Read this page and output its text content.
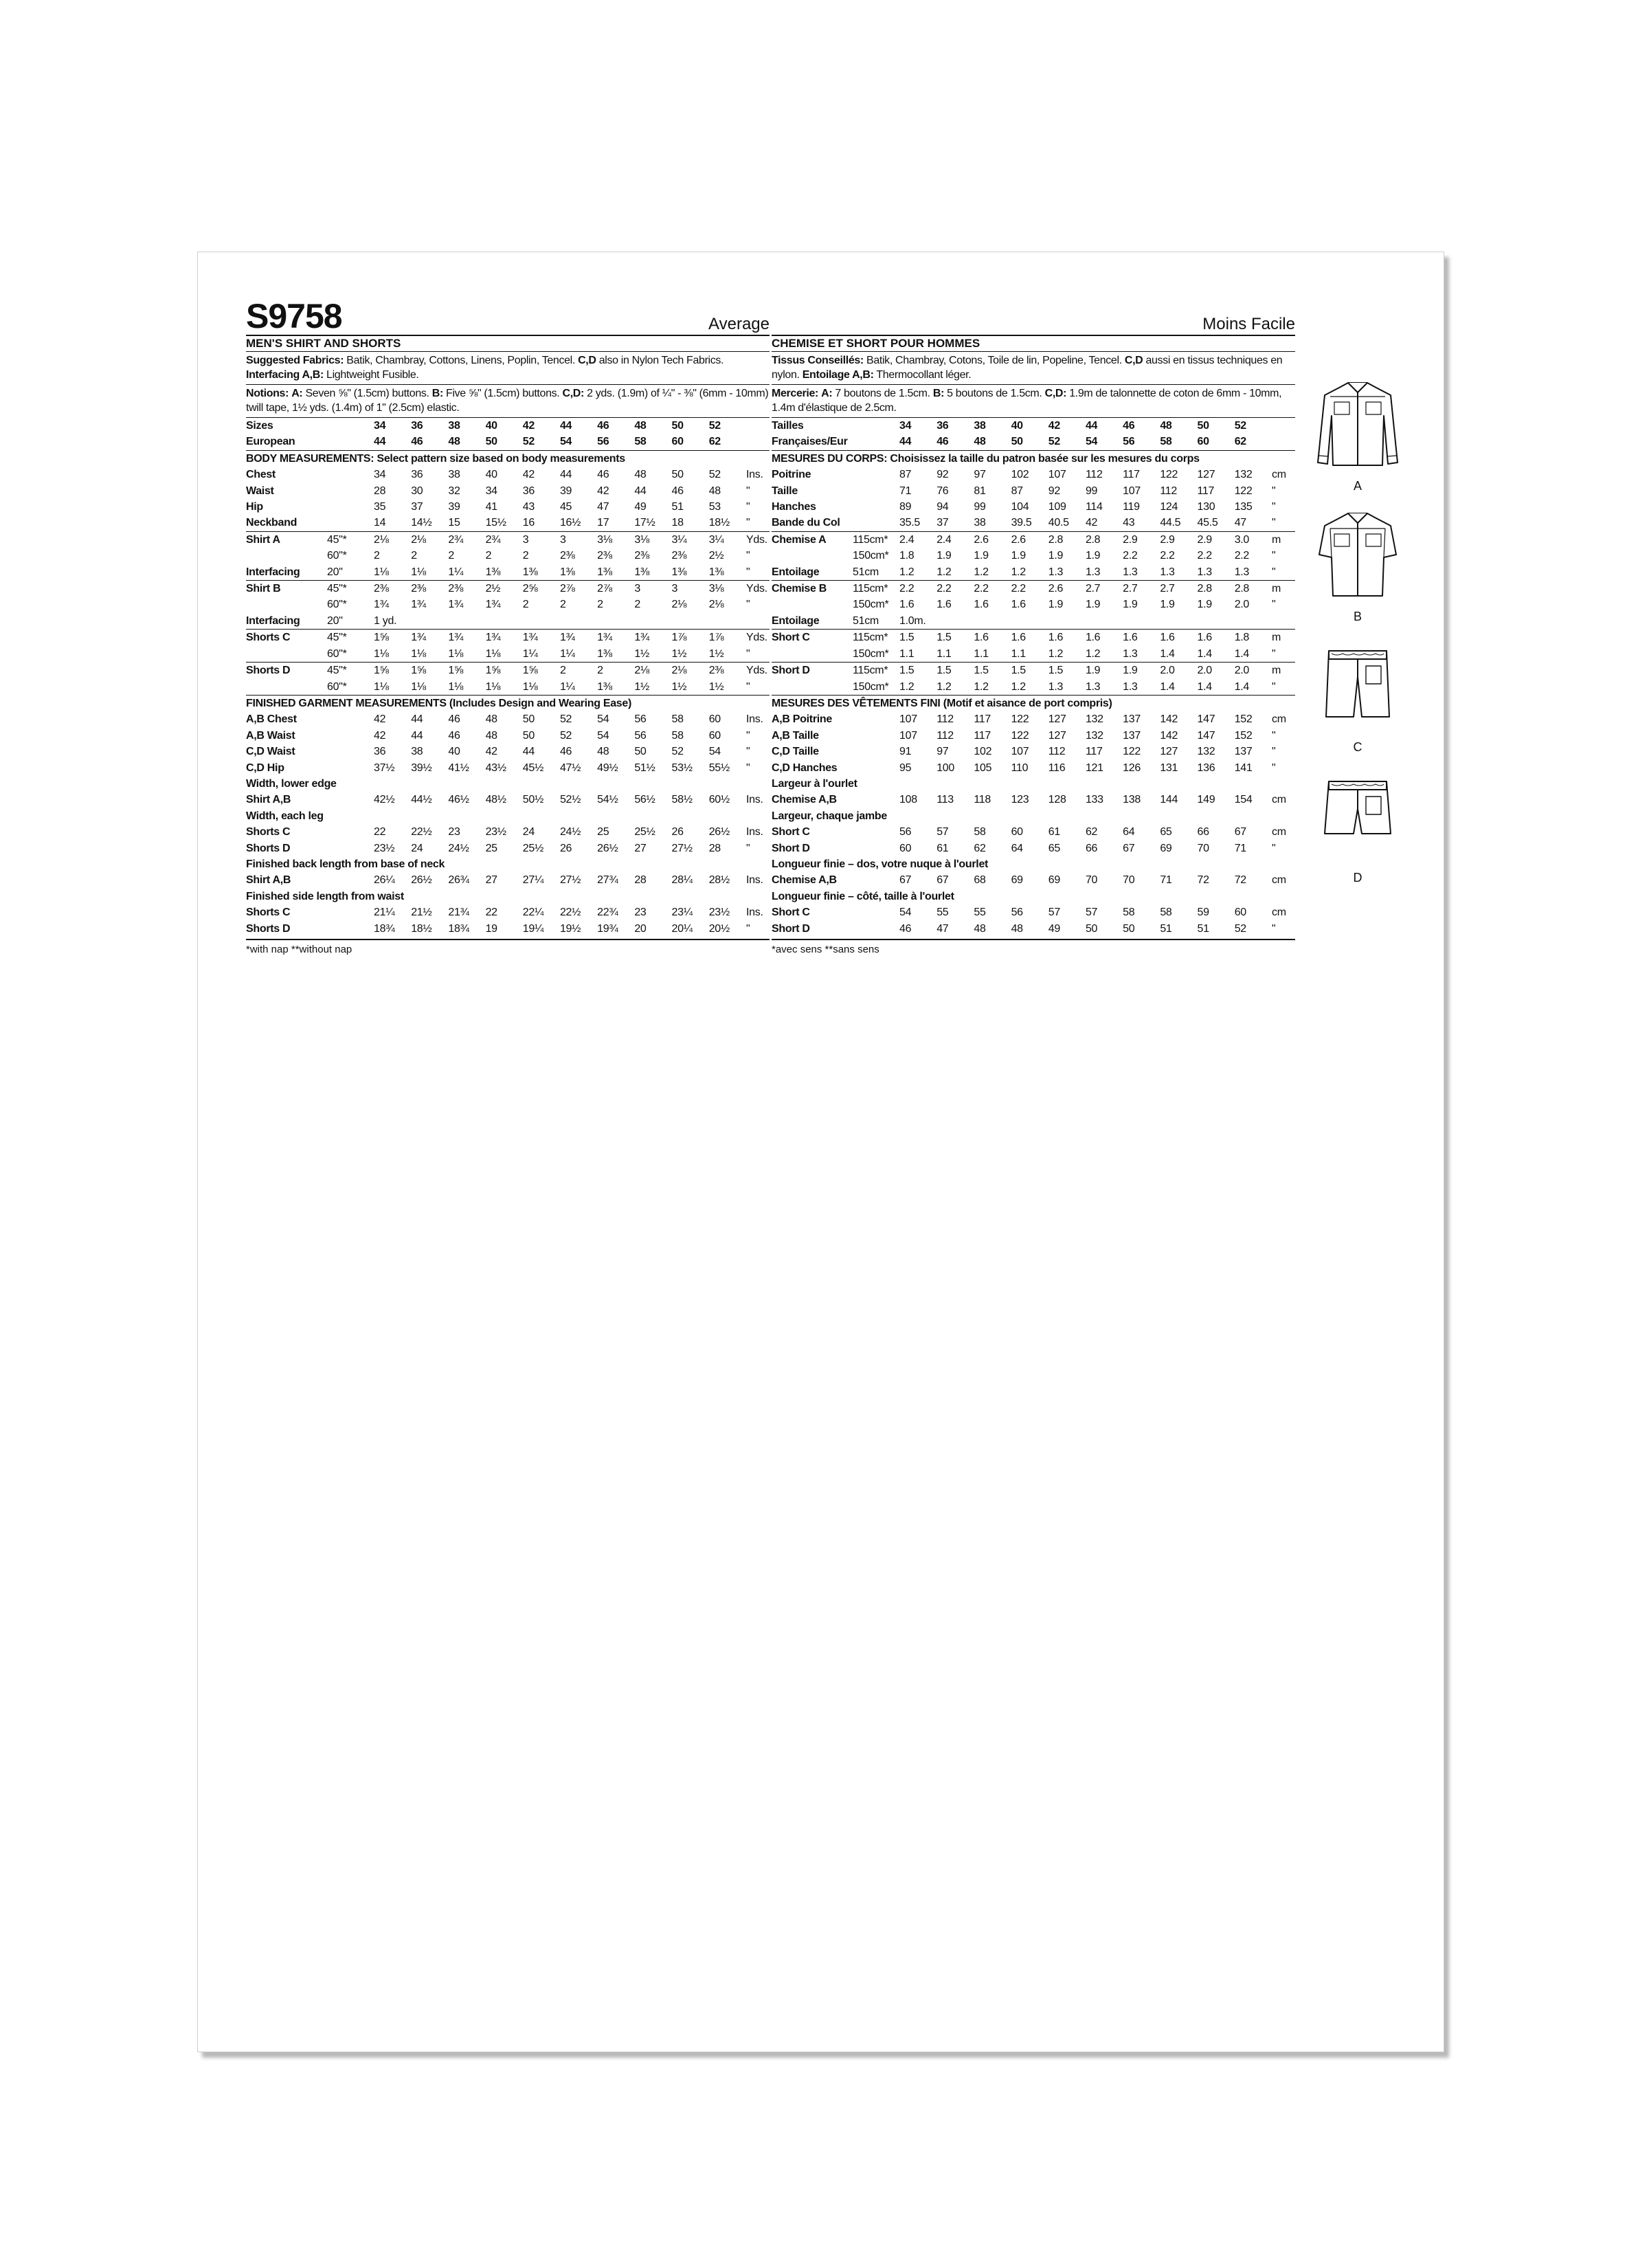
S9758	Average
MEN'S SHIRT AND SHORTS
Suggested Fabrics: Batik, Chambray, Cottons, Linens, Poplin, Tencel. C,D also in Nylon Tech Fabrics. Interfacing A,B: Lightweight Fusible.
Notions: A: Seven ⅝" (1.5cm) buttons. B: Five ⅝" (1.5cm) buttons. C,D: 2 yds. (1.9m) of ¼" - ⅜" (6mm - 10mm) twill tape, 1½ yds. (1.4m) of 1" (2.5cm) elastic.
Sizes		34	36	38	40	42	44	46	48	50	52	
European		44	46	48	50	52	54	56	58	60	62	
BODY MEASUREMENTS: Select pattern size based on body measurements												
Chest		34	36	38	40	42	44	46	48	50	52	Ins.
Waist		28	30	32	34	36	39	42	44	46	48	"
Hip		35	37	39	41	43	45	47	49	51	53	"
Neckband		14	14½	15	15½	16	16½	17	17½	18	18½	"
Shirt A	45"*	2⅛	2⅛	2¾	2¾	3	3	3⅛	3⅛	3¼	3¼	Yds.
	60"*	2	2	2	2	2	2⅜	2⅜	2⅜	2⅜	2½	"
Interfacing	20"	1⅛	1⅛	1¼	1⅜	1⅜	1⅜	1⅜	1⅜	1⅜	1⅜	"
Shirt B	45"*	2⅜	2⅜	2⅜	2½	2⅝	2⅞	2⅞	3	3	3⅛	Yds.
	60"*	1¾	1¾	1¾	1¾	2	2	2	2	2⅛	2⅛	"
Interfacing	20"	1 yd.										
Shorts C	45"*	1⅝	1¾	1¾	1¾	1¾	1¾	1¾	1¾	1⅞	1⅞	Yds.
	60"*	1⅛	1⅛	1⅛	1⅛	1¼	1¼	1⅜	1½	1½	1½	"
Shorts D	45"*	1⅝	1⅝	1⅝	1⅝	1⅝	2	2	2⅛	2⅛	2⅜	Yds.
	60"*	1⅛	1⅛	1⅛	1⅛	1⅛	1¼	1⅜	1½	1½	1½	"
FINISHED GARMENT MEASUREMENTS (Includes Design and Wearing Ease)												
A,B Chest		42	44	46	48	50	52	54	56	58	60	Ins.
A,B Waist		42	44	46	48	50	52	54	56	58	60	"
C,D Waist		36	38	40	42	44	46	48	50	52	54	"
C,D Hip		37½	39½	41½	43½	45½	47½	49½	51½	53½	55½	"
Width, lower edge												
Shirt A,B		42½	44½	46½	48½	50½	52½	54½	56½	58½	60½	Ins.
Width, each leg												
Shorts C		22	22½	23	23½	24	24½	25	25½	26	26½	Ins.
Shorts D		23½	24	24½	25	25½	26	26½	27	27½	28	"
Finished back length from base of neck												
Shirt A,B		26¼	26½	26¾	27	27¼	27½	27¾	28	28¼	28½	Ins.
Finished side length from waist												
Shorts C		21¼	21½	21¾	22	22¼	22½	22¾	23	23¼	23½	Ins.
Shorts D		18¾	18½	18¾	19	19¼	19½	19¾	20	20¼	20½	"
*with nap **without nap
Moins Facile
CHEMISE ET SHORT POUR HOMMES
Tissus Conseillés: Batik, Chambray, Cotons, Toile de lin, Popeline, Tencel. C,D aussi en tissus techniques en nylon. Entoilage A,B: Thermocollant léger.
Mercerie: A: 7 boutons de 1.5cm. B: 5 boutons de 1.5cm. C,D: 1.9m de talonnette de coton de 6mm - 10mm, 1.4m d'élastique de 2.5cm.
Tailles		34	36	38	40	42	44	46	48	50	52	
Françaises/Eur		44	46	48	50	52	54	56	58	60	62	
MESURES DU CORPS: Choisissez la taille du patron basée sur les mesures du corps												
Poitrine		87	92	97	102	107	112	117	122	127	132	cm
Taille		71	76	81	87	92	99	107	112	117	122	"
Hanches		89	94	99	104	109	114	119	124	130	135	"
Bande du Col		35.5	37	38	39.5	40.5	42	43	44.5	45.5	47	"
Chemise A	115cm*	2.4	2.4	2.6	2.6	2.8	2.8	2.9	2.9	2.9	3.0	m
	150cm*	1.8	1.9	1.9	1.9	1.9	1.9	2.2	2.2	2.2	2.2	"
Entoilage	51cm	1.2	1.2	1.2	1.2	1.3	1.3	1.3	1.3	1.3	1.3	"
Chemise B	115cm*	2.2	2.2	2.2	2.2	2.6	2.7	2.7	2.7	2.8	2.8	m
	150cm*	1.6	1.6	1.6	1.6	1.9	1.9	1.9	1.9	1.9	2.0	"
Entoilage	51cm	1.0m.										
Short C	115cm*	1.5	1.5	1.6	1.6	1.6	1.6	1.6	1.6	1.6	1.8	m
	150cm*	1.1	1.1	1.1	1.1	1.2	1.2	1.3	1.4	1.4	1.4	"
Short D	115cm*	1.5	1.5	1.5	1.5	1.5	1.9	1.9	2.0	2.0	2.0	m
	150cm*	1.2	1.2	1.2	1.2	1.3	1.3	1.3	1.4	1.4	1.4	"
MESURES DES VÊTEMENTS FINI (Motif et aisance de port compris)												
A,B Poitrine		107	112	117	122	127	132	137	142	147	152	cm
A,B Taille		107	112	117	122	127	132	137	142	147	152	"
C,D Taille		91	97	102	107	112	117	122	127	132	137	"
C,D Hanches		95	100	105	110	116	121	126	131	136	141	"
Largeur à l'ourlet												
Chemise A,B		108	113	118	123	128	133	138	144	149	154	cm
Largeur, chaque jambe												
Short C		56	57	58	60	61	62	64	65	66	67	cm
Short D		60	61	62	64	65	66	67	69	70	71	"
Longueur finie – dos, votre nuque à l'ourlet												
Chemise A,B		67	67	68	69	69	70	70	71	72	72	cm
Longueur finie – côté, taille à l'ourlet												
Short C		54	55	55	56	57	57	58	58	59	60	cm
Short D		46	47	48	48	49	50	50	51	51	52	"
*avec sens **sans sens
A
B
C
D
